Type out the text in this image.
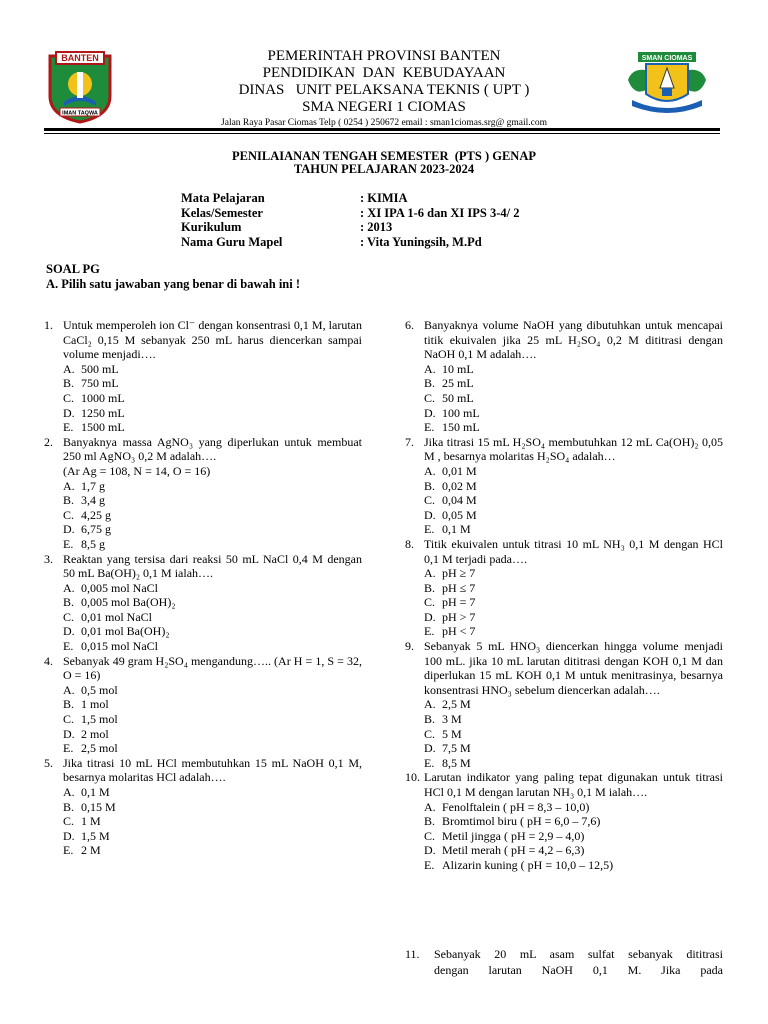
BANTEN
IMAN TAQWA
SMAN CIOMAS
PEMERINTAH PROVINSI BANTEN
PENDIDIKAN  DAN  KEBUDAYAAN
DINAS   UNIT PELAKSANA TEKNIS ( UPT )
SMA NEGERI 1 CIOMAS
Jalan Raya Pasar Ciomas Telp ( 0254 ) 250672 email : sman1ciomas.srg@ gmail.com
PENILAIANAN TENGAH SEMESTER  (PTS ) GENAP
TAHUN PELAJARAN 2023-2024
Mata Pelajaran	: KIMIA
Kelas/Semester	: XI IPA 1-6 dan XI IPS 3-4/ 2
Kurikulum	: 2013
Nama Guru Mapel	: Vita Yuningsih, M.Pd
SOAL PG
A. Pilih satu jawaban yang benar di bawah ini !
1. Untuk memperoleh ion Cl⁻ dengan konsentrasi 0,1 M, larutan CaCl₂ 0,15 M sebanyak 250 mL harus diencerkan sampai volume menjadi….
A. 500 mL
B. 750 mL
C. 1000 mL
D. 1250 mL
E. 1500 mL
2. Banyaknya massa AgNO₃ yang diperlukan untuk membuat 250 ml AgNO₃ 0,2 M adalah….
(Ar Ag = 108, N = 14, O = 16)
A. 1,7 g
B. 3,4 g
C. 4,25 g
D. 6,75 g
E. 8,5 g
3. Reaktan yang tersisa dari reaksi 50 mL NaCl 0,4 M dengan 50 mL Ba(OH)₂ 0,1 M ialah….
A. 0,005 mol NaCl
B. 0,005 mol Ba(OH)₂
C. 0,01 mol NaCl
D. 0,01 mol Ba(OH)₂
E. 0,015 mol NaCl
4. Sebanyak 49 gram H₂SO₄ mengandung….. (Ar H = 1, S = 32, O = 16)
A. 0,5 mol
B. 1 mol
C. 1,5 mol
D. 2 mol
E. 2,5 mol
5. Jika titrasi 10 mL HCl membutuhkan 15 mL NaOH 0,1 M, besarnya molaritas HCl adalah….
A. 0,1 M
B. 0,15 M
C. 1 M
D. 1,5 M
E. 2 M
6. Banyaknya volume NaOH yang dibutuhkan untuk mencapai titik ekuivalen jika 25 mL H₂SO₄ 0,2 M dititrasi dengan NaOH 0,1 M adalah….
A. 10 mL
B. 25 mL
C. 50 mL
D. 100 mL
E. 150 mL
7. Jika titrasi 15 mL H₂SO₄ membutuhkan 12 mL Ca(OH)₂ 0,05 M , besarnya molaritas H₂SO₄ adalah…
A. 0,01 M
B. 0,02 M
C. 0,04 M
D. 0,05 M
E. 0,1 M
8. Titik ekuivalen untuk titrasi 10 mL NH₃ 0,1 M dengan HCl 0,1 M terjadi pada….
A. pH ≥ 7
B. pH ≤ 7
C. pH = 7
D. pH > 7
E. pH < 7
9. Sebanyak 5 mL HNO₃ diencerkan hingga volume menjadi 100 mL. jika 10 mL larutan dititrasi dengan KOH 0,1 M dan diperlukan 15 mL KOH 0,1 M untuk menitrasinya, besarnya konsentrasi HNO₃ sebelum diencerkan adalah….
A. 2,5 M
B. 3 M
C. 5 M
D. 7,5 M
E. 8,5 M
10. Larutan indikator yang paling tepat digunakan untuk titrasi HCl 0,1 M dengan larutan NH₃ 0,1 M ialah….
A. Fenolftalein ( pH = 8,3 – 10,0)
B. Bromtimol biru ( pH = 6,0 – 7,6)
C. Metil jingga ( pH = 2,9 – 4,0)
D. Metil merah ( pH = 4,2 – 6,3)
E. Alizarin kuning ( pH = 10,0 – 12,5)
11.	Sebanyak 20 mL asam sulfat sebanyak dititrasi
dengan larutan NaOH 0,1 M. Jika pada
